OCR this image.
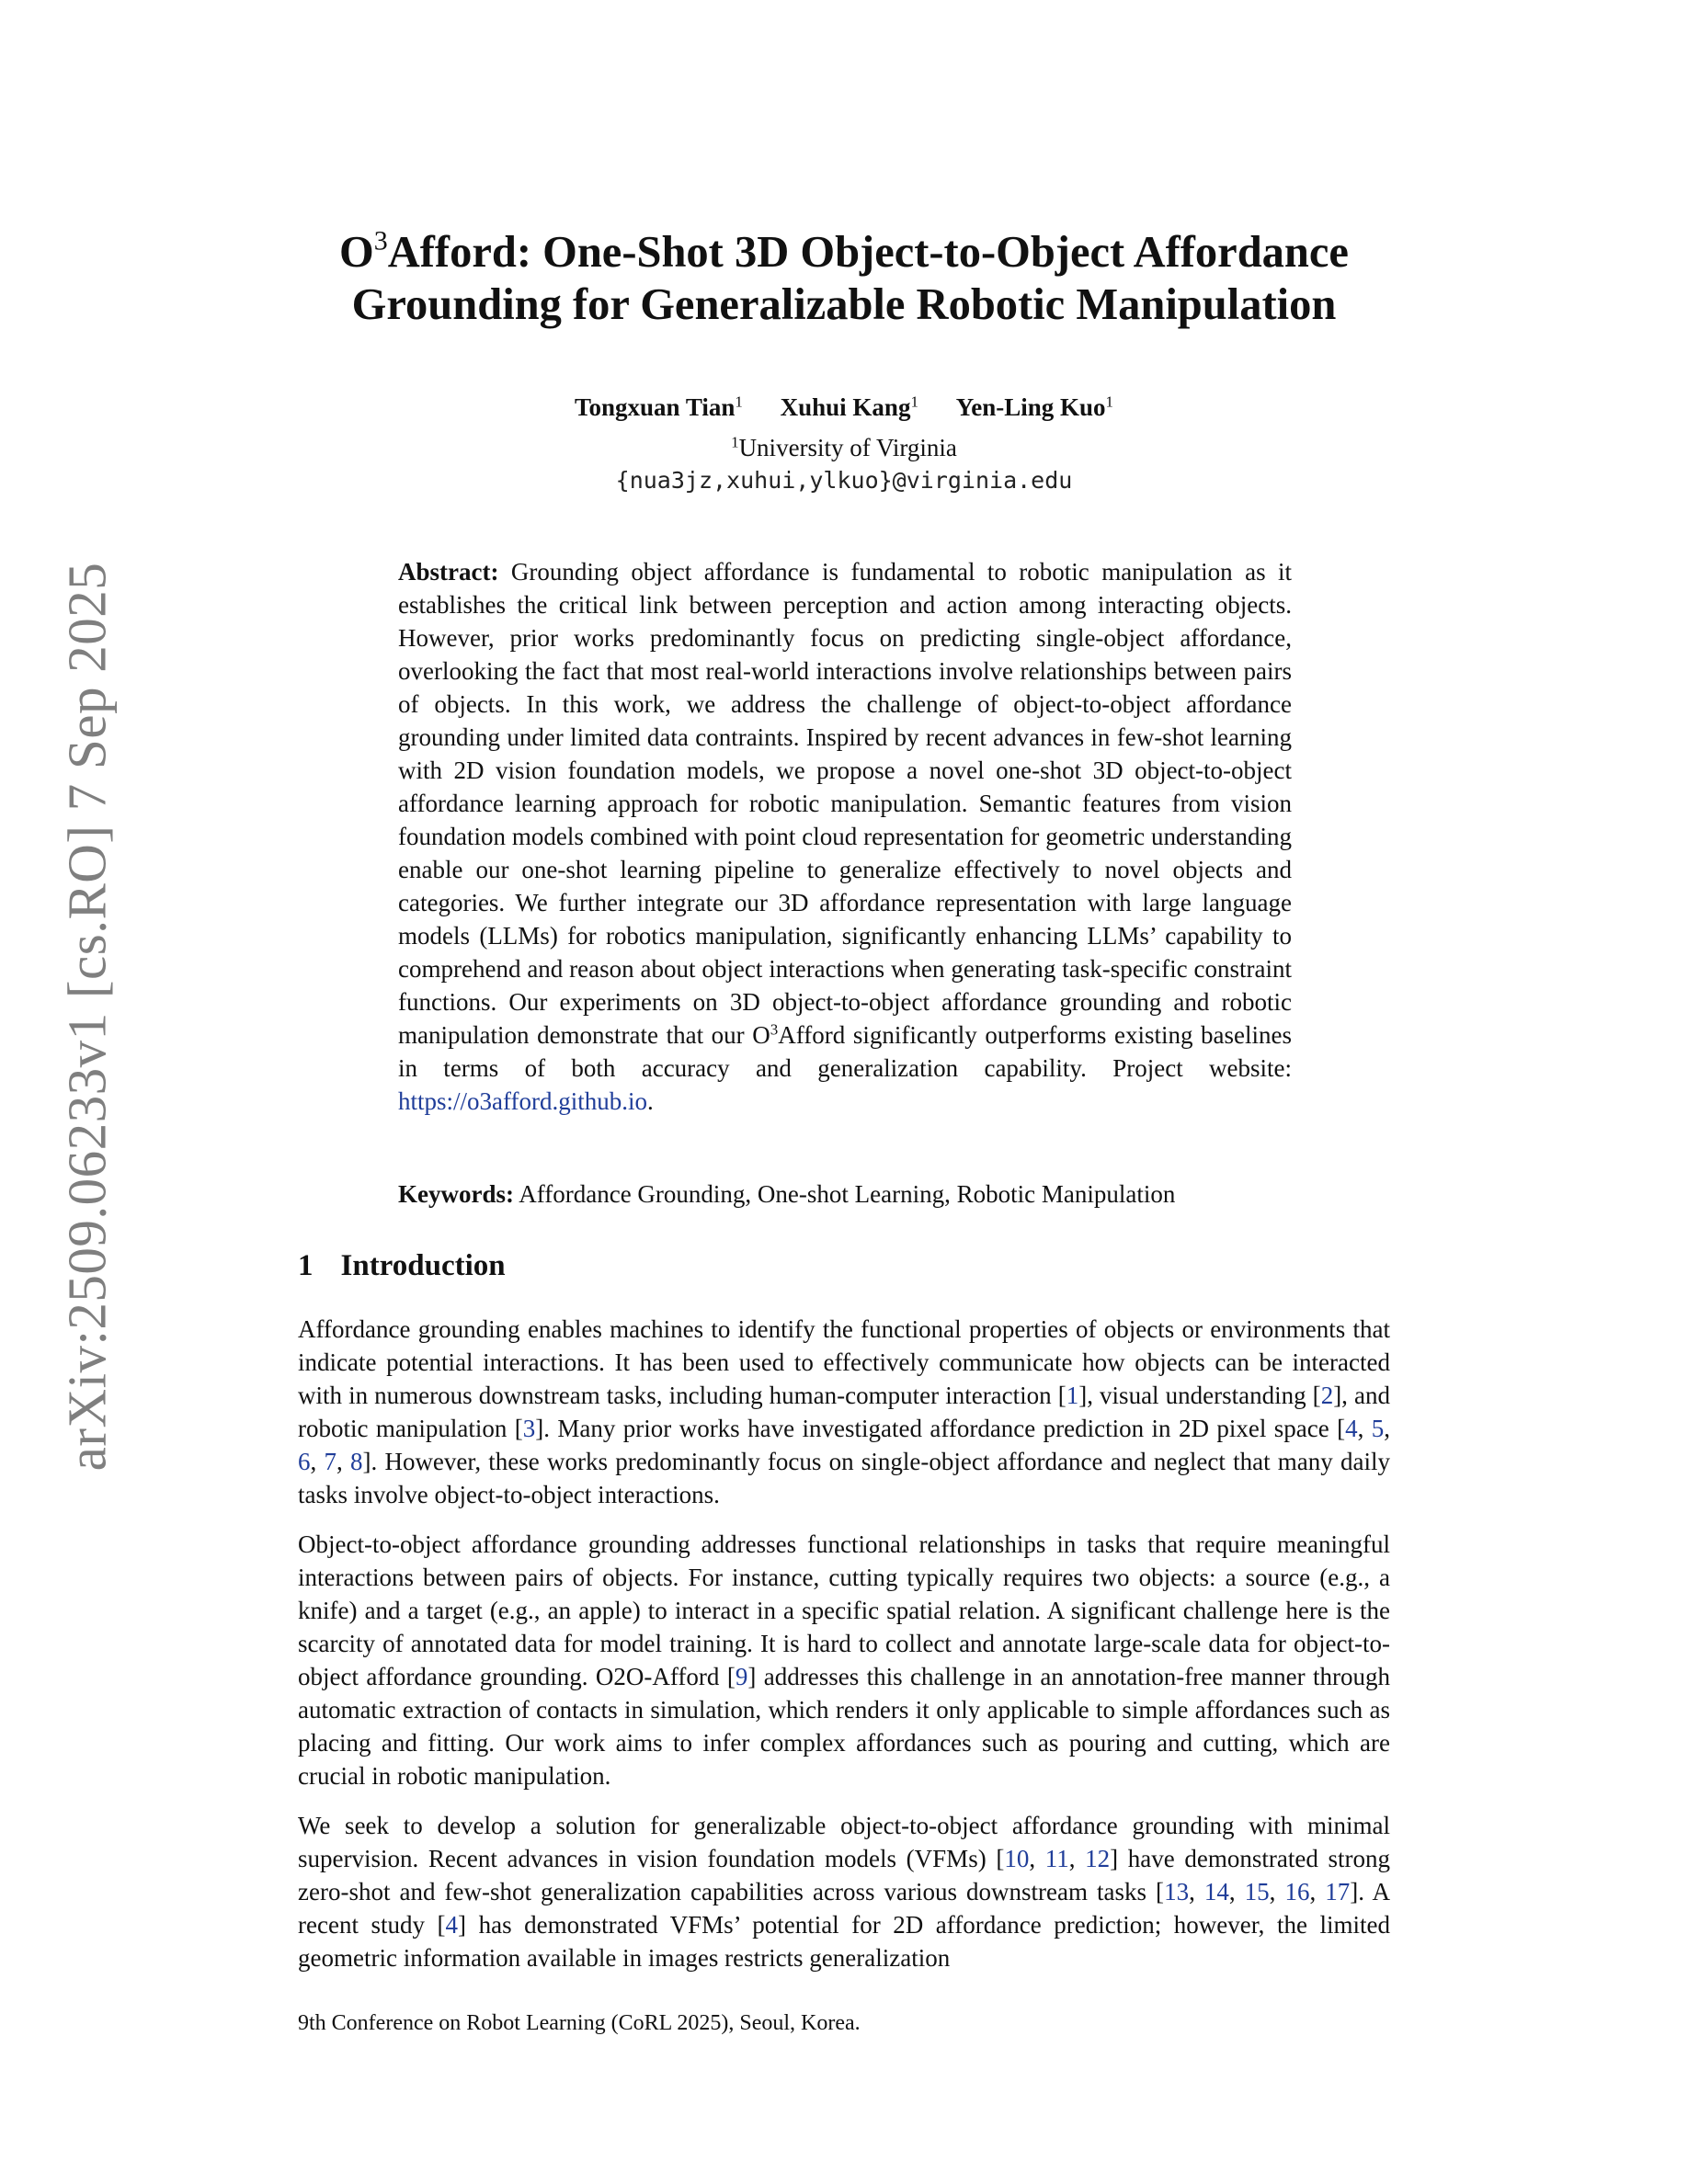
arXiv:2509.06233v1 [cs.RO] 7 Sep 2025
$O^3Afford$: One-Shot 3D Object-to-Object Affordance
Grounding for Generalizable Robotic Manipulation
Tongxuan Tian$^1$ Xuhui Kang$^1$ Yen-Ling Kuo$^1$
$^1$University of Virginia
{nua3jz,xuhui,ylkuo}@virginia.edu

Abstract: Grounding object affordance is fundamental to robotic manipulation as it establishes the critical link between perception and action among interacting objects. However, prior works predominantly focus on predicting single-object affordance, overlooking the fact that most real-world interactions involve relationships between pairs of objects. In this work, we address the challenge of object-to-object affordance grounding under limited data contraints. Inspired by recent advances in few-shot learning with 2D vision foundation models, we propose a novel one-shot 3D object-to-object affordance learning approach for robotic manipulation. Semantic features from vision foundation models combined with point cloud representation for geometric understanding enable our one-shot learning pipeline to generalize effectively to novel objects and categories. We further integrate our 3D affordance representation with large language models (LLMs) for robotics manipulation, significantly enhancing LLMs’ capability to comprehend and reason about object interactions when generating task-specific constraint functions. Our experiments on 3D object-to-object affordance grounding and robotic manipulation demonstrate that our $O^3Afford$ significantly outperforms existing baselines in terms of both accuracy and generalization capability. Project website: https://o3afford.github.io.

Keywords: Affordance Grounding, One-shot Learning, Robotic Manipulation

1 Introduction

Affordance grounding enables machines to identify the functional properties of objects or environments that indicate potential interactions. It has been used to effectively communicate how objects can be interacted with in numerous downstream tasks, including human-computer interaction [1], visual understanding [2], and robotic manipulation [3]. Many prior works have investigated affordance prediction in 2D pixel space [4, 5, 6, 7, 8]. However, these works predominantly focus on single-object affordance and neglect that many daily tasks involve object-to-object interactions.

Object-to-object affordance grounding addresses functional relationships in tasks that require meaningful interactions between pairs of objects. For instance, cutting typically requires two objects: a source (e.g., a knife) and a target (e.g., an apple) to interact in a specific spatial relation. A significant challenge here is the scarcity of annotated data for model training. It is hard to collect and annotate large-scale data for object-to-object affordance grounding. O2O-Afford [9] addresses this challenge in an annotation-free manner through automatic extraction of contacts in simulation, which renders it only applicable to simple affordances such as placing and fitting. Our work aims to infer complex affordances such as pouring and cutting, which are crucial in robotic manipulation.

We seek to develop a solution for generalizable object-to-object affordance grounding with minimal supervision. Recent advances in vision foundation models (VFMs) [10, 11, 12] have demonstrated strong zero-shot and few-shot generalization capabilities across various downstream tasks [13, 14, 15, 16, 17]. A recent study [4] has demonstrated VFMs’ potential for 2D affordance prediction; however, the limited geometric information available in images restricts generalization

9th Conference on Robot Learning (CoRL 2025), Seoul, Korea.
